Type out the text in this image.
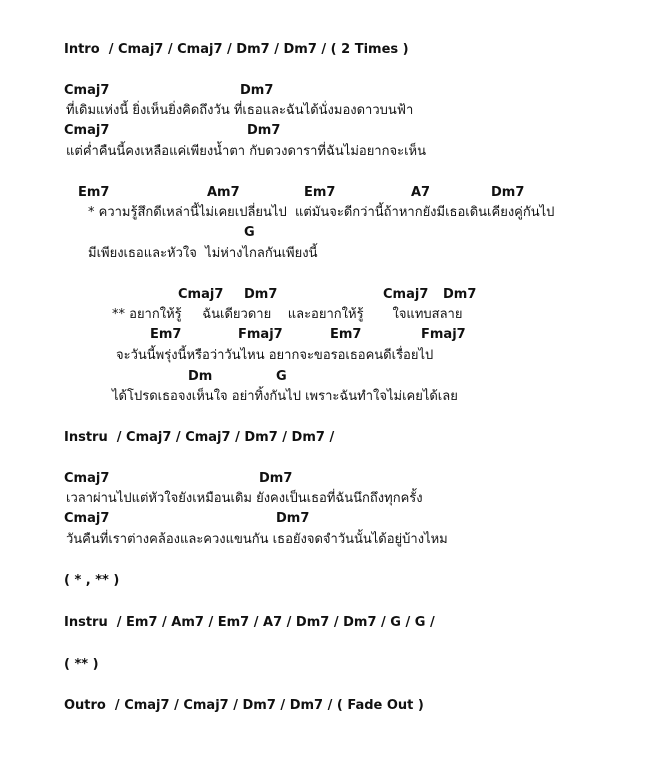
Intro  / Cmaj7 / Cmaj7 / Dm7 / Dm7 / ( 2 Times )
Cmaj7	Dm7
ที่เดิมแห่งนี้ ยิ่งเห็นยิ่งคิดถึงวัน ที่เธอและฉันได้นั่งมองดาวบนฟ้า
Cmaj7	Dm7
แต่ค่ำคืนนี้คงเหลือแค่เพียงน้ำตา กับดวงดาราที่ฉันไม่อยากจะเห็น
Em7	Am7	Em7	A7	Dm7
* ความรู้สึกดีเหล่านี้ไม่เคยเปลี่ยนไป  แต่มันจะดีกว่านี้ถ้าหากยังมีเธอเดินเคียงคู่กันไป
G
มีเพียงเธอและหัวใจ  ไม่ห่างไกลกันเพียงนี้
Cmaj7 Dm7	Cmaj7 Dm7
** อยากให้รู้     ฉันเดียวดาย    และอยากให้รู้       ใจแทบสลาย
Em7	Fmaj7	Em7	Fmaj7
จะวันนี้พรุ่งนี้หรือว่าวันไหน อยากจะขอรอเธอคนดีเรื่อยไป
Dm	G
ได้โปรดเธอจงเห็นใจ อย่าทิ้งกันไป เพราะฉันทำใจไม่เคยได้เลย
Instru  / Cmaj7 / Cmaj7 / Dm7 / Dm7 /
Cmaj7	Dm7
เวลาผ่านไปแต่หัวใจยังเหมือนเดิม ยังคงเป็นเธอที่ฉันนึกถึงทุกครั้ง
Cmaj7	Dm7
วันคืนที่เราต่างคล้องและควงแขนกัน เธอยังจดจำวันนั้นได้อยู่บ้างไหม
( * , ** )
Instru  / Em7 / Am7 / Em7 / A7 / Dm7 / Dm7 / G / G /
( ** )
Outro  / Cmaj7 / Cmaj7 / Dm7 / Dm7 / ( Fade Out )
